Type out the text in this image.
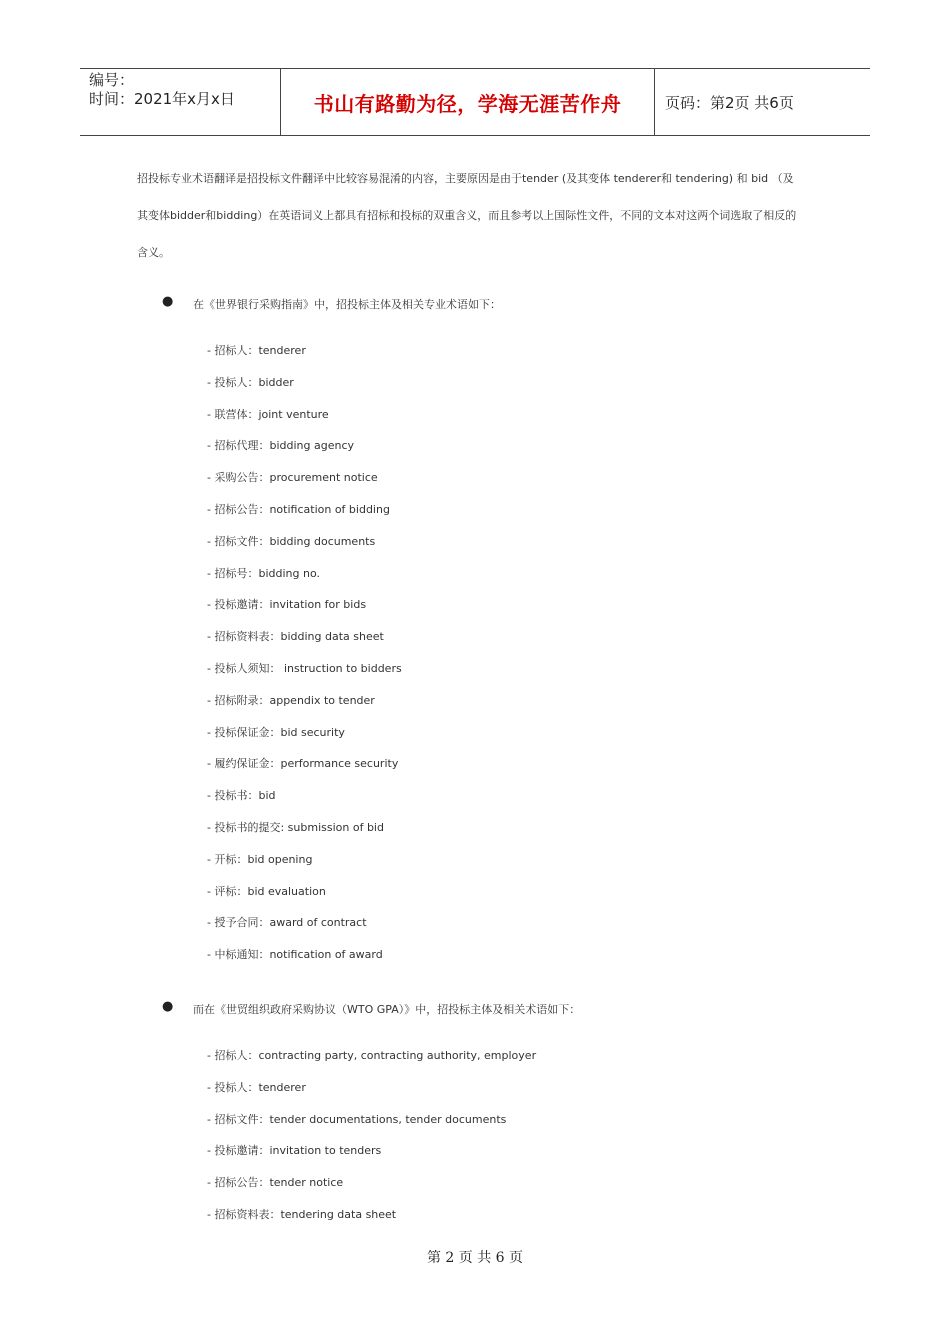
编号：
时间：2021年x月x日	书山有路勤为径，学海无涯苦作舟	页码：第2页 共6页

招投标专业术语翻译是招投标文件翻译中比较容易混淆的内容，主要原因是由于tender (及其变体 tenderer和 tendering) 和 bid （及
其变体bidder和bidding）在英语词义上都具有招标和投标的双重含义，而且参考以上国际性文件，不同的文本对这两个词选取了相反的
含义。

● 在《世界银行采购指南》中，招投标主体及相关专业术语如下：
- 招标人：tenderer
- 投标人：bidder
- 联营体：joint venture
- 招标代理：bidding agency
- 采购公告：procurement notice
- 招标公告：notification of bidding
- 招标文件：bidding documents
- 招标号：bidding no.
- 投标邀请：invitation for bids
- 招标资料表：bidding data sheet
- 投标人须知： instruction to bidders
- 招标附录：appendix to tender
- 投标保证金：bid security
- 履约保证金：performance security
- 投标书：bid
- 投标书的提交: submission of bid
- 开标：bid opening
- 评标：bid evaluation
- 授予合同：award of contract
- 中标通知：notification of award
● 而在《世贸组织政府采购协议（WTO GPA）》中，招投标主体及相关术语如下：
- 招标人：contracting party, contracting authority, employer
- 投标人：tenderer
- 招标文件：tender documentations, tender documents
- 投标邀请：invitation to tenders
- 招标公告：tender notice
- 招标资料表：tendering data sheet
第 2 页 共 6 页
